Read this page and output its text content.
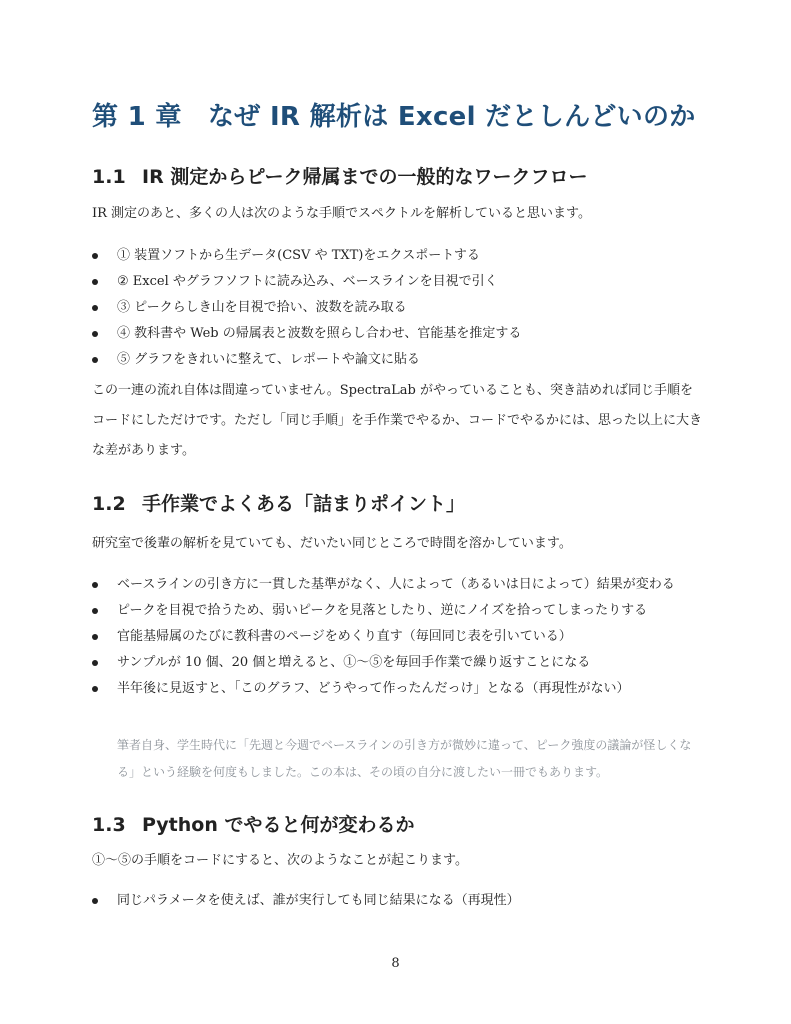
第 1 章　なぜ IR 解析は Excel だとしんどいのか
1.1 IR 測定からピーク帰属までの一般的なワークフロー

IR 測定のあと、多くの人は次のような手順でスペクトルを解析していると思います。

① 装置ソフトから生データ(CSV や TXT)をエクスポートする
② Excel やグラフソフトに読み込み、ベースラインを目視で引く
③ ピークらしき山を目視で拾い、波数を読み取る
④ 教科書や Web の帰属表と波数を照らし合わせ、官能基を推定する
⑤ グラフをきれいに整えて、レポートや論文に貼る

この一連の流れ自体は間違っていません。SpectraLab がやっていることも、突き詰めれば同じ手順をコードにしただけです。ただし「同じ手順」を手作業でやるか、コードでやるかには、思った以上に大きな差があります。

1.2 手作業でよくある「詰まりポイント」

研究室で後輩の解析を見ていても、だいたい同じところで時間を溶かしています。

ベースラインの引き方に一貫した基準がなく、人によって（あるいは日によって）結果が変わる
ピークを目視で拾うため、弱いピークを見落としたり、逆にノイズを拾ってしまったりする
官能基帰属のたびに教科書のページをめくり直す（毎回同じ表を引いている）
サンプルが 10 個、20 個と増えると、①〜⑤を毎回手作業で繰り返すことになる
半年後に見返すと、「このグラフ、どうやって作ったんだっけ」となる（再現性がない）

筆者自身、学生時代に「先週と今週でベースラインの引き方が微妙に違って、ピーク強度の議論が怪しくなる」という経験を何度もしました。この本は、その頃の自分に渡したい一冊でもあります。

1.3 Python でやると何が変わるか

①〜⑤の手順をコードにすると、次のようなことが起こります。

同じパラメータを使えば、誰が実行しても同じ結果になる（再現性）

8
